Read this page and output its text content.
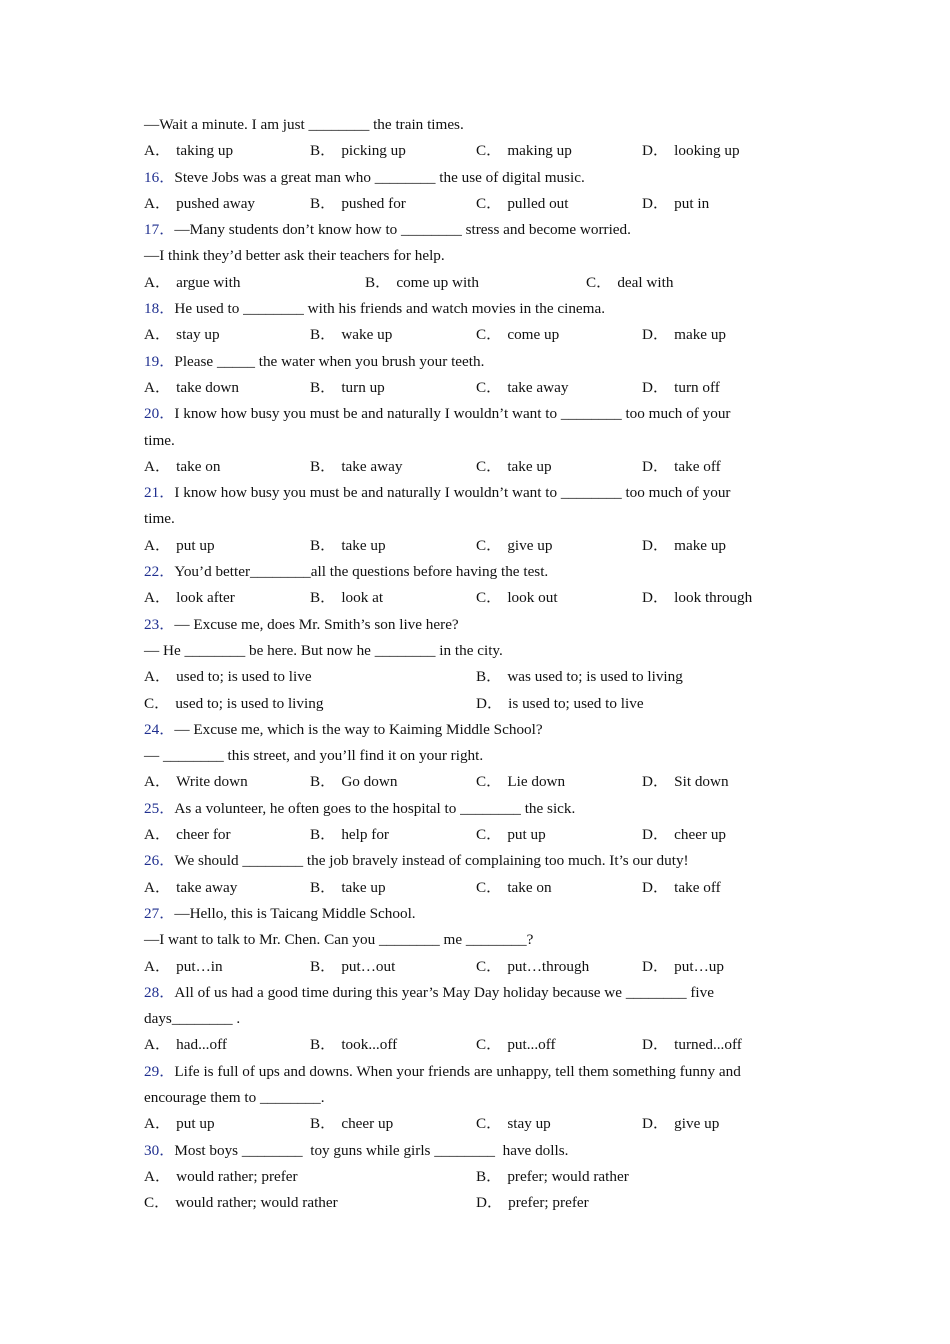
—Wait a minute. I am just ________ the train times.
A． taking up	B． picking up	C． making up	D． looking up
16．Steve Jobs was a great man who ________ the use of digital music.
A． pushed away	B． pushed for	C． pulled out	D． put in
17．—Many students don’t know how to ________ stress and become worried.
—I think they’d better ask their teachers for help.
A． argue with	B． come up with	C． deal with
18．He used to ________ with his friends and watch movies in the cinema.
A． stay up	B． wake up	C． come up	D． make up
19．Please _____ the water when you brush your teeth.
A． take down	B． turn up	C． take away	D． turn off
20．I know how busy you must be and naturally I wouldn’t want to ________ too much of your
time.
A． take on	B． take away	C． take up	D． take off
21．I know how busy you must be and naturally I wouldn’t want to ________ too much of your
time.
A． put up	B． take up	C． give up	D． make up
22．You’d better________all the questions before having the test.
A． look after	B． look at	C． look out	D． look through
23．— Excuse me, does Mr. Smith’s son live here?
— He ________ be here. But now he ________ in the city.
A． used to; is used to live	B． was used to; is used to living
C． used to; is used to living	D． is used to; used to live
24．— Excuse me, which is the way to Kaiming Middle School?
— ________ this street, and you’ll find it on your right.
A． Write down	B． Go down	C． Lie down	D． Sit down
25．As a volunteer, he often goes to the hospital to ________ the sick.
A． cheer for	B． help for	C． put up	D． cheer up
26．We should ________ the job bravely instead of complaining too much. It’s our duty!
A． take away	B． take up	C． take on	D． take off
27．—Hello, this is Taicang Middle School.
—I want to talk to Mr. Chen. Can you ________ me ________?
A． put…in	B． put…out	C． put…through	D． put…up
28．All of us had a good time during this year’s May Day holiday because we ________ five
days________ .
A． had...off	B． took...off	C． put...off	D． turned...off
29．Life is full of ups and downs. When your friends are unhappy, tell them something funny and
encourage them to ________.
A． put up	B． cheer up	C． stay up	D． give up
30．Most boys ________  toy guns while girls ________  have dolls.
A． would rather; prefer	B． prefer; would rather
C． would rather; would rather	D． prefer; prefer
